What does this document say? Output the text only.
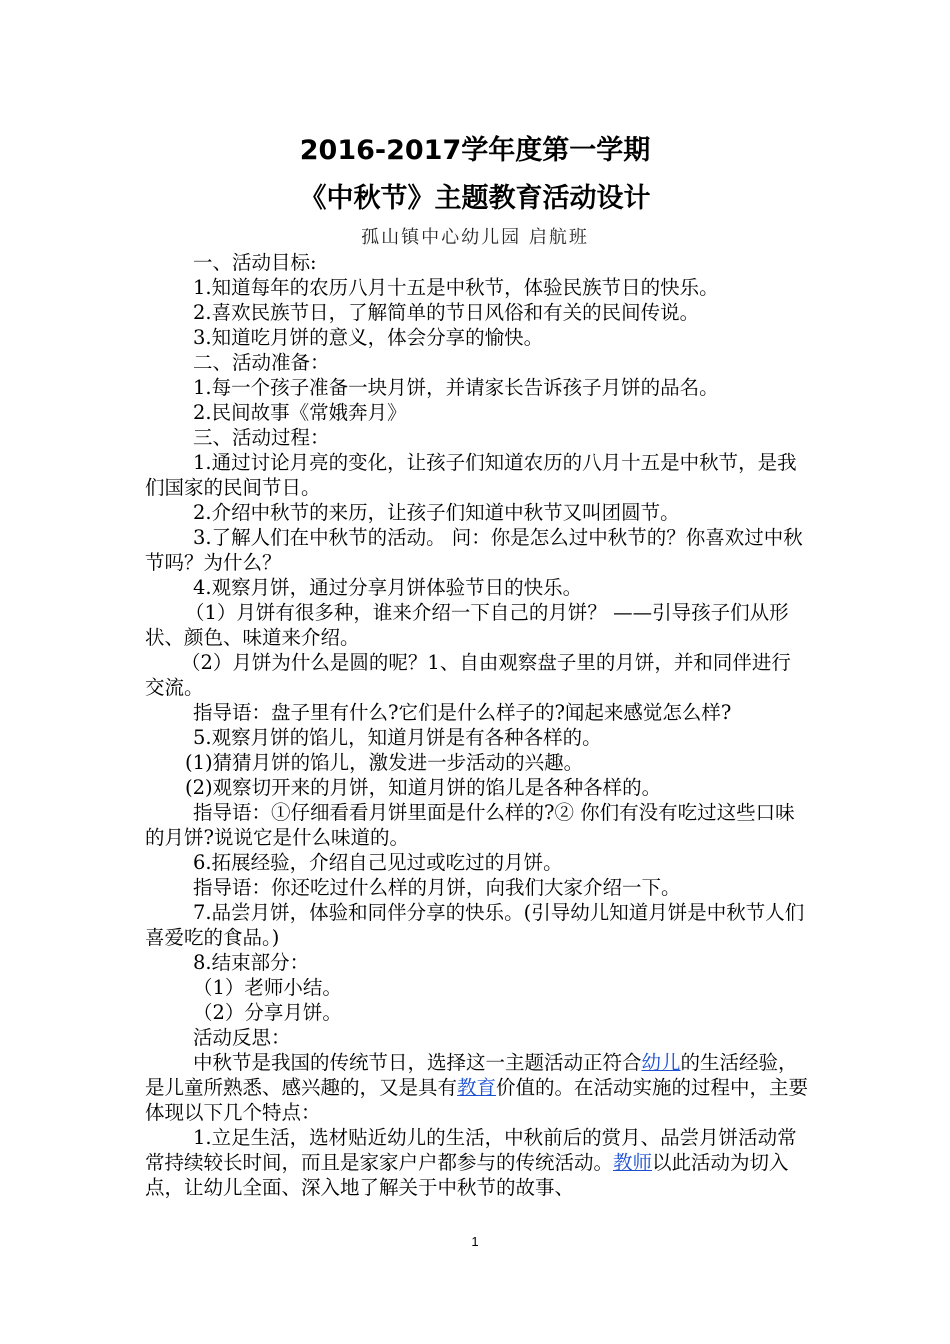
2016-2017学年度第一学期
《中秋节》主题教育活动设计
孤山镇中心幼儿园 启航班

一、活动目标:

1.知道每年的农历八月十五是中秋节，体验民族节日的快乐。

2.喜欢民族节日，了解简单的节日风俗和有关的民间传说。

3.知道吃月饼的意义，体会分享的愉快。

二、活动准备：

1.每一个孩子准备一块月饼，并请家长告诉孩子月饼的品名。

2.民间故事《常娥奔月》

三、活动过程：

1.通过讨论月亮的变化，让孩子们知道农历的八月十五是中秋节，是我们国家的民间节日。

2.介绍中秋节的来历，让孩子们知道中秋节又叫团圆节。

3.了解人们在中秋节的活动。 问：你是怎么过中秋节的？你喜欢过中秋节吗？为什么？

4.观察月饼，通过分享月饼体验节日的快乐。

（1）月饼有很多种，谁来介绍一下自己的月饼？ ——引导孩子们从形状、颜色、味道来介绍。

（2）月饼为什么是圆的呢？1、自由观察盘子里的月饼，并和同伴进行交流。

指导语：盘子里有什么?它们是什么样子的?闻起来感觉怎么样?

5.观察月饼的馅儿，知道月饼是有各种各样的。

(1)猜猜月饼的馅儿，激发进一步活动的兴趣。

(2)观察切开来的月饼，知道月饼的馅儿是各种各样的。

指导语：①仔细看看月饼里面是什么样的?② 你们有没有吃过这些口味的月饼?说说它是什么味道的。

6.拓展经验，介绍自己见过或吃过的月饼。

指导语：你还吃过什么样的月饼，向我们大家介绍一下。

7.品尝月饼，体验和同伴分享的快乐。(引导幼儿知道月饼是中秋节人们喜爱吃的食品。)

8.结束部分：

（1）老师小结。

（2）分享月饼。

活动反思：

中秋节是我国的传统节日，选择这一主题活动正符合幼儿的生活经验，是儿童所熟悉、感兴趣的，又是具有教育价值的。在活动实施的过程中，主要体现以下几个特点：

1.立足生活，选材贴近幼儿的生活，中秋前后的赏月、品尝月饼活动常常持续较长时间，而且是家家户户都参与的传统活动。教师以此活动为切入点，让幼儿全面、深入地了解关于中秋节的故事、

1
